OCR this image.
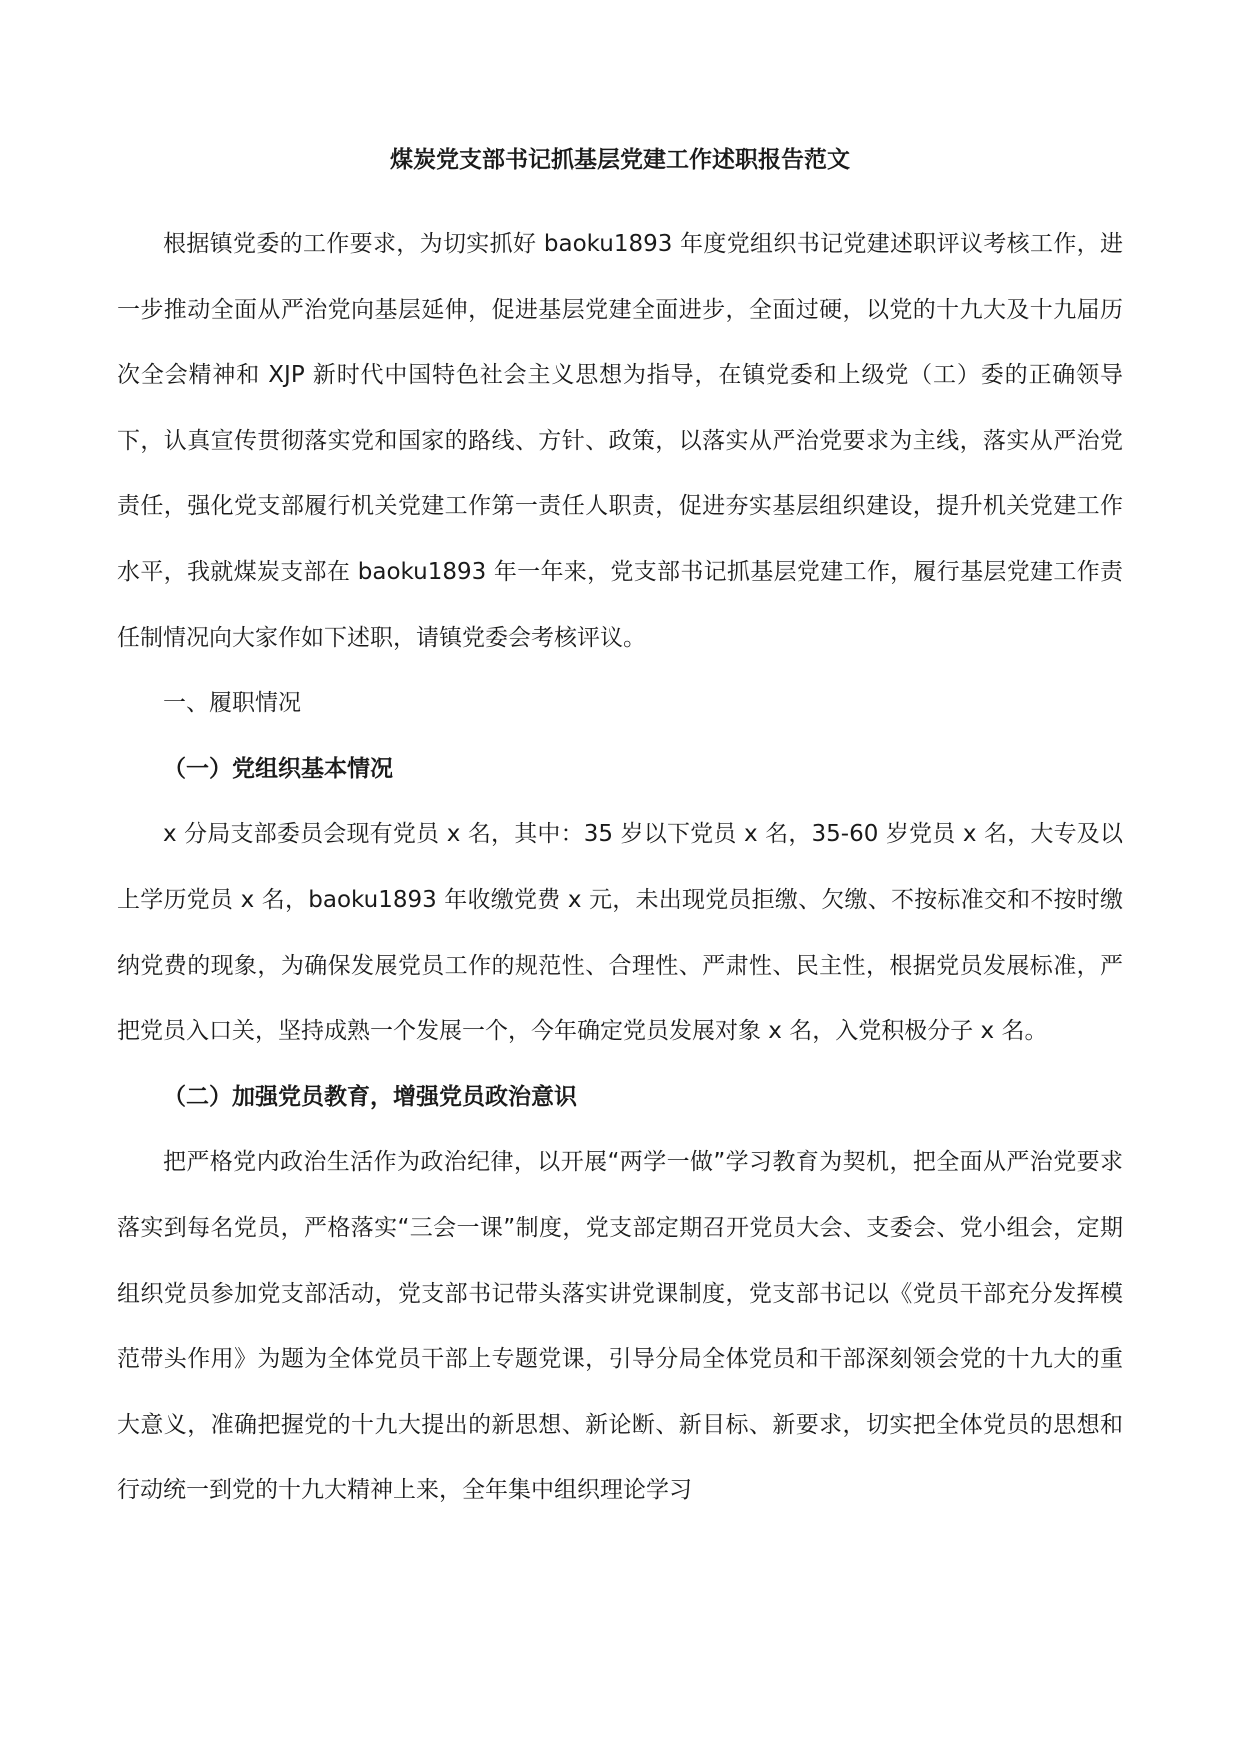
煤炭党支部书记抓基层党建工作述职报告范文

根据镇党委的工作要求，为切实抓好 baoku1893 年度党组织书记党建述职评议考核工作，进一步推动全面从严治党向基层延伸，促进基层党建全面进步，全面过硬，以党的十九大及十九届历次全会精神和 XJP 新时代中国特色社会主义思想为指导，在镇党委和上级党（工）委的正确领导下，认真宣传贯彻落实党和国家的路线、方针、政策，以落实从严治党要求为主线，落实从严治党责任，强化党支部履行机关党建工作第一责任人职责，促进夯实基层组织建设，提升机关党建工作水平，我就煤炭支部在 baoku1893 年一年来，党支部书记抓基层党建工作，履行基层党建工作责任制情况向大家作如下述职，请镇党委会考核评议。

一、履职情况

（一）党组织基本情况

x 分局支部委员会现有党员 x 名，其中：35 岁以下党员 x 名，35-60 岁党员 x 名，大专及以上学历党员 x 名，baoku1893 年收缴党费 x 元，未出现党员拒缴、欠缴、不按标准交和不按时缴纳党费的现象，为确保发展党员工作的规范性、合理性、严肃性、民主性，根据党员发展标准，严把党员入口关，坚持成熟一个发展一个，今年确定党员发展对象 x 名，入党积极分子 x 名。

（二）加强党员教育，增强党员政治意识

把严格党内政治生活作为政治纪律，以开展“两学一做”学习教育为契机，把全面从严治党要求落实到每名党员，严格落实“三会一课”制度，党支部定期召开党员大会、支委会、党小组会，定期组织党员参加党支部活动，党支部书记带头落实讲党课制度，党支部书记以《党员干部充分发挥模范带头作用》为题为全体党员干部上专题党课，引导分局全体党员和干部深刻领会党的十九大的重大意义，准确把握党的十九大提出的新思想、新论断、新目标、新要求，切实把全体党员的思想和行动统一到党的十九大精神上来，全年集中组织理论学习
